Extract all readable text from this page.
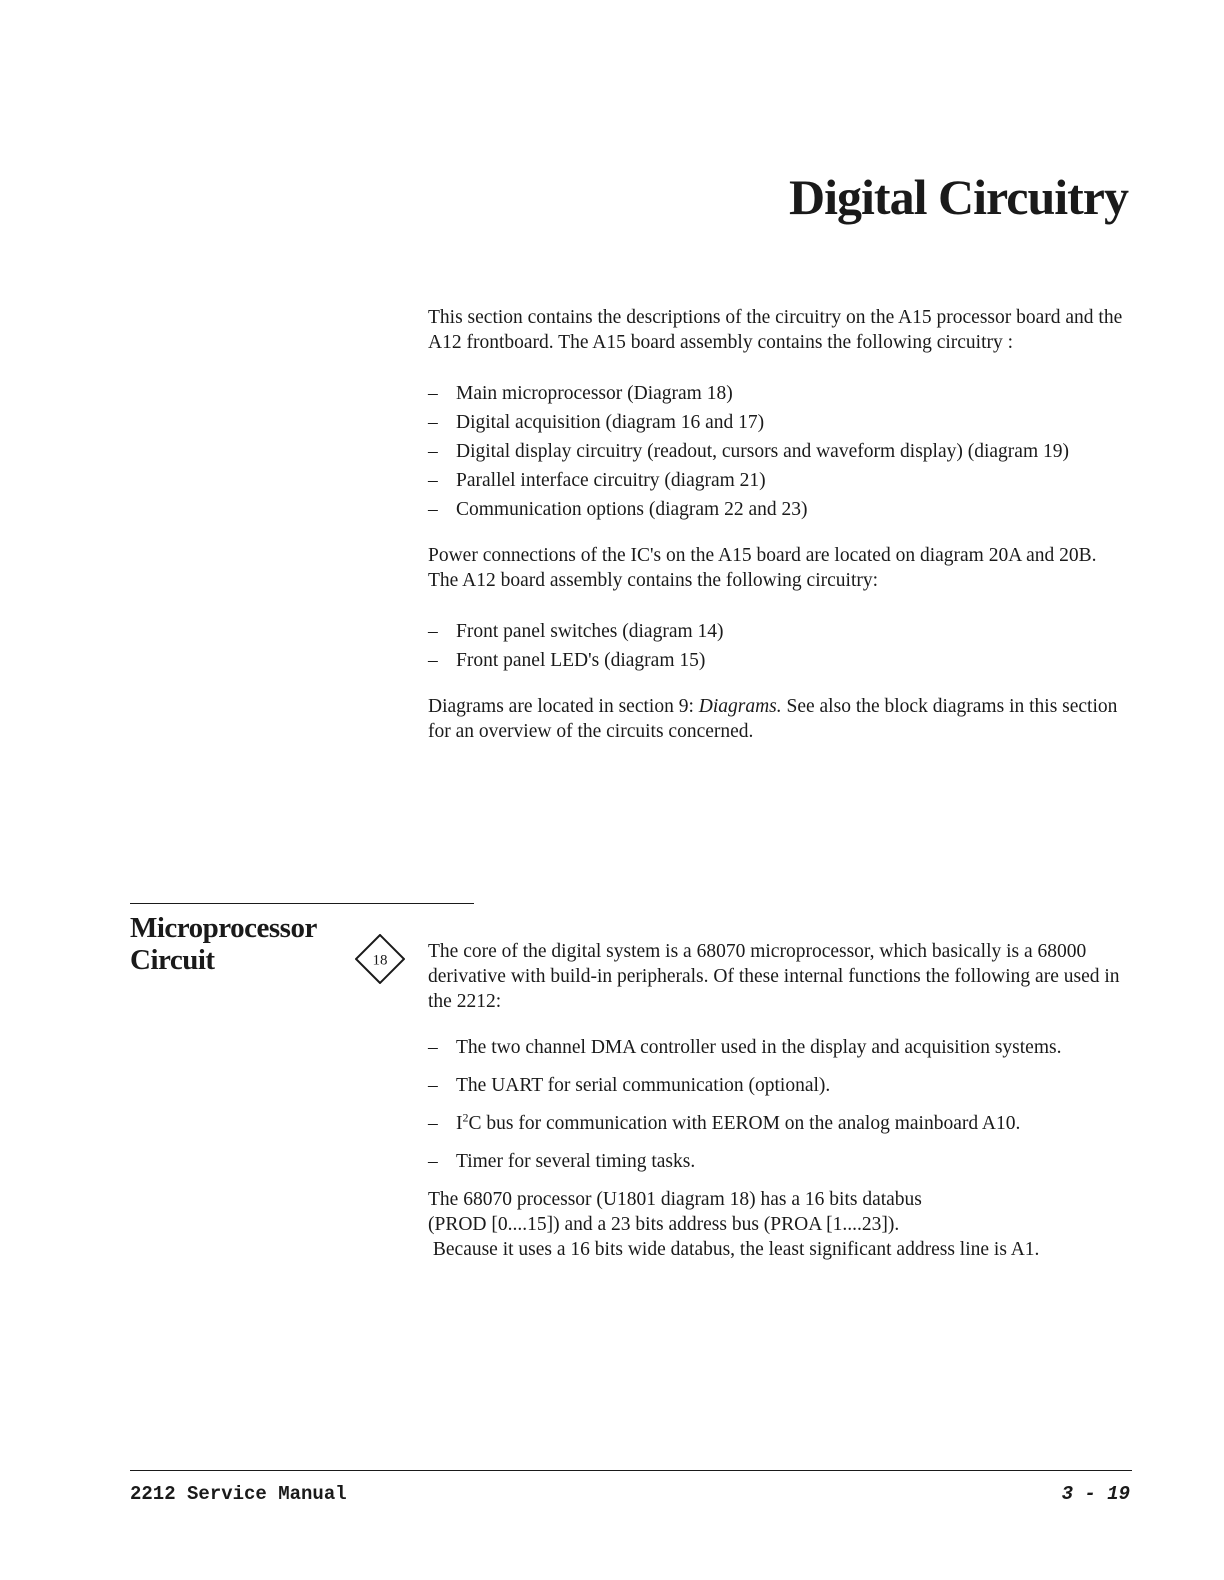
Digital Circuitry

This section contains the descriptions of the circuitry on the A15 processor board and the A12 frontboard. The A15 board assembly contains the following circuitry :

– Main microprocessor (Diagram 18)
– Digital acquisition (diagram 16 and 17)
– Digital display circuitry (readout, cursors and waveform display) (diagram 19)
– Parallel interface circuitry (diagram 21)
– Communication options (diagram 22 and 23)

Power connections of the IC's on the A15 board are located on diagram 20A and 20B. The A12 board assembly contains the following circuitry:

– Front panel switches (diagram 14)
– Front panel LED's (diagram 15)

Diagrams are located in section 9: Diagrams. See also the block diagrams in this section for an overview of the circuits concerned.

Microprocessor
Circuit	18 The core of the digital system is a 68070 microprocessor, which basically is a 68000 derivative with build-in peripherals. Of these internal functions the following are used in the 2212:

– The two channel DMA controller used in the display and acquisition systems.
– The UART for serial communication (optional).
– $I^2C$ bus for communication with EEROM on the analog mainboard A10.
– Timer for several timing tasks.

The 68070 processor (U1801 diagram 18) has a 16 bits databus
(PROD [0....15]) and a 23 bits address bus (PROA [1....23]).
Because it uses a 16 bits wide databus, the least significant address line is A1.

2212 Service Manual	3 - 19
